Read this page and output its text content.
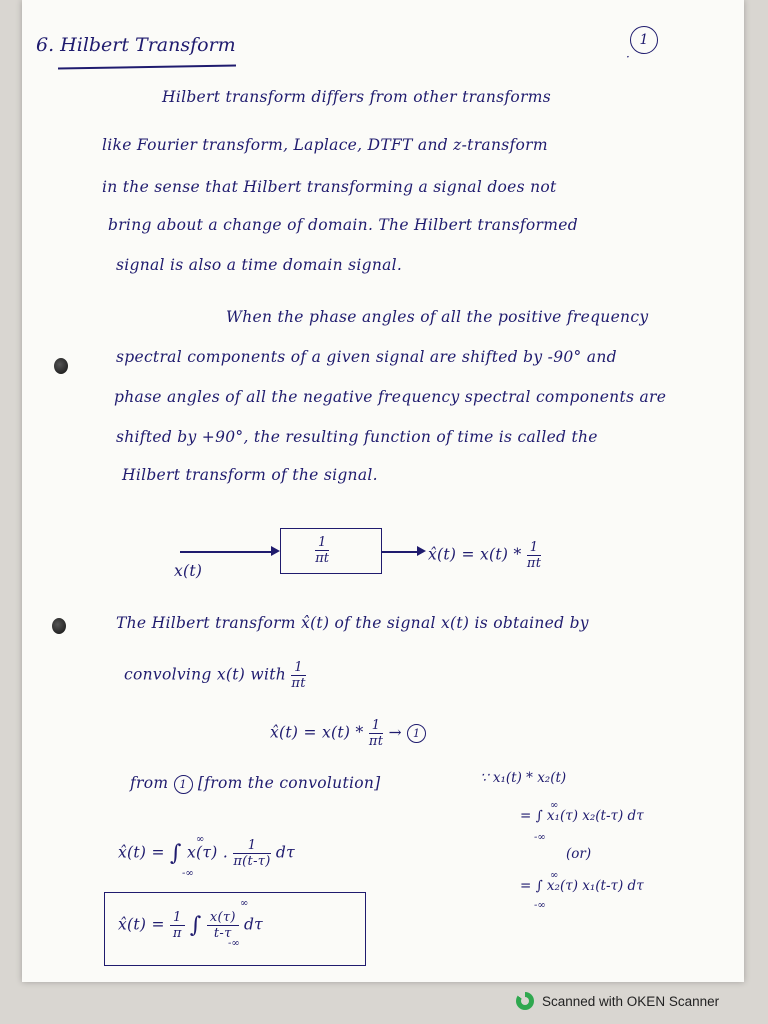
6. Hilbert Transform
·
1
Hilbert transform differs from other transforms
like Fourier transform, Laplace, DTFT and z-transform
in the sense that Hilbert transforming a signal does not
bring about a change of domain. The Hilbert transformed
signal is also a time domain signal.
When the phase angles of all the positive frequency
spectral components of a given signal are shifted by -90° and
phase angles of all the negative frequency spectral components are
shifted by +90°, the resulting function of time is called the
Hilbert transform of the signal.
x(t)
$\frac{1}{\pi t}$	x̂(t) = $x(t) * \frac{1}{\pi t}$
The Hilbert transform x̂(t) of the signal x(t) is obtained by
convolving x(t) with $\frac{1}{\pi t}$
x̂(t) = $x(t) * \frac{1}{\pi t} \to 1$
from 1 [from the convolution]	∵ x₁(t) * x₂(t)
= ∫ x₁(τ) x₂(t-τ) dτ
-∞
∞
(or)
= ∫ x₂(τ) x₁(t-τ) dτ
-∞
∞
x̂(t) = ∫ x(τ) . $\frac{1}{\pi(t-\tau)}$ dτ
-∞
∞
x̂(t) = $\frac{1}{\pi}$ ∫ $\frac{x(\tau)}{t-\tau}$ dτ
-∞
∞
Scanned with OKEN Scanner
